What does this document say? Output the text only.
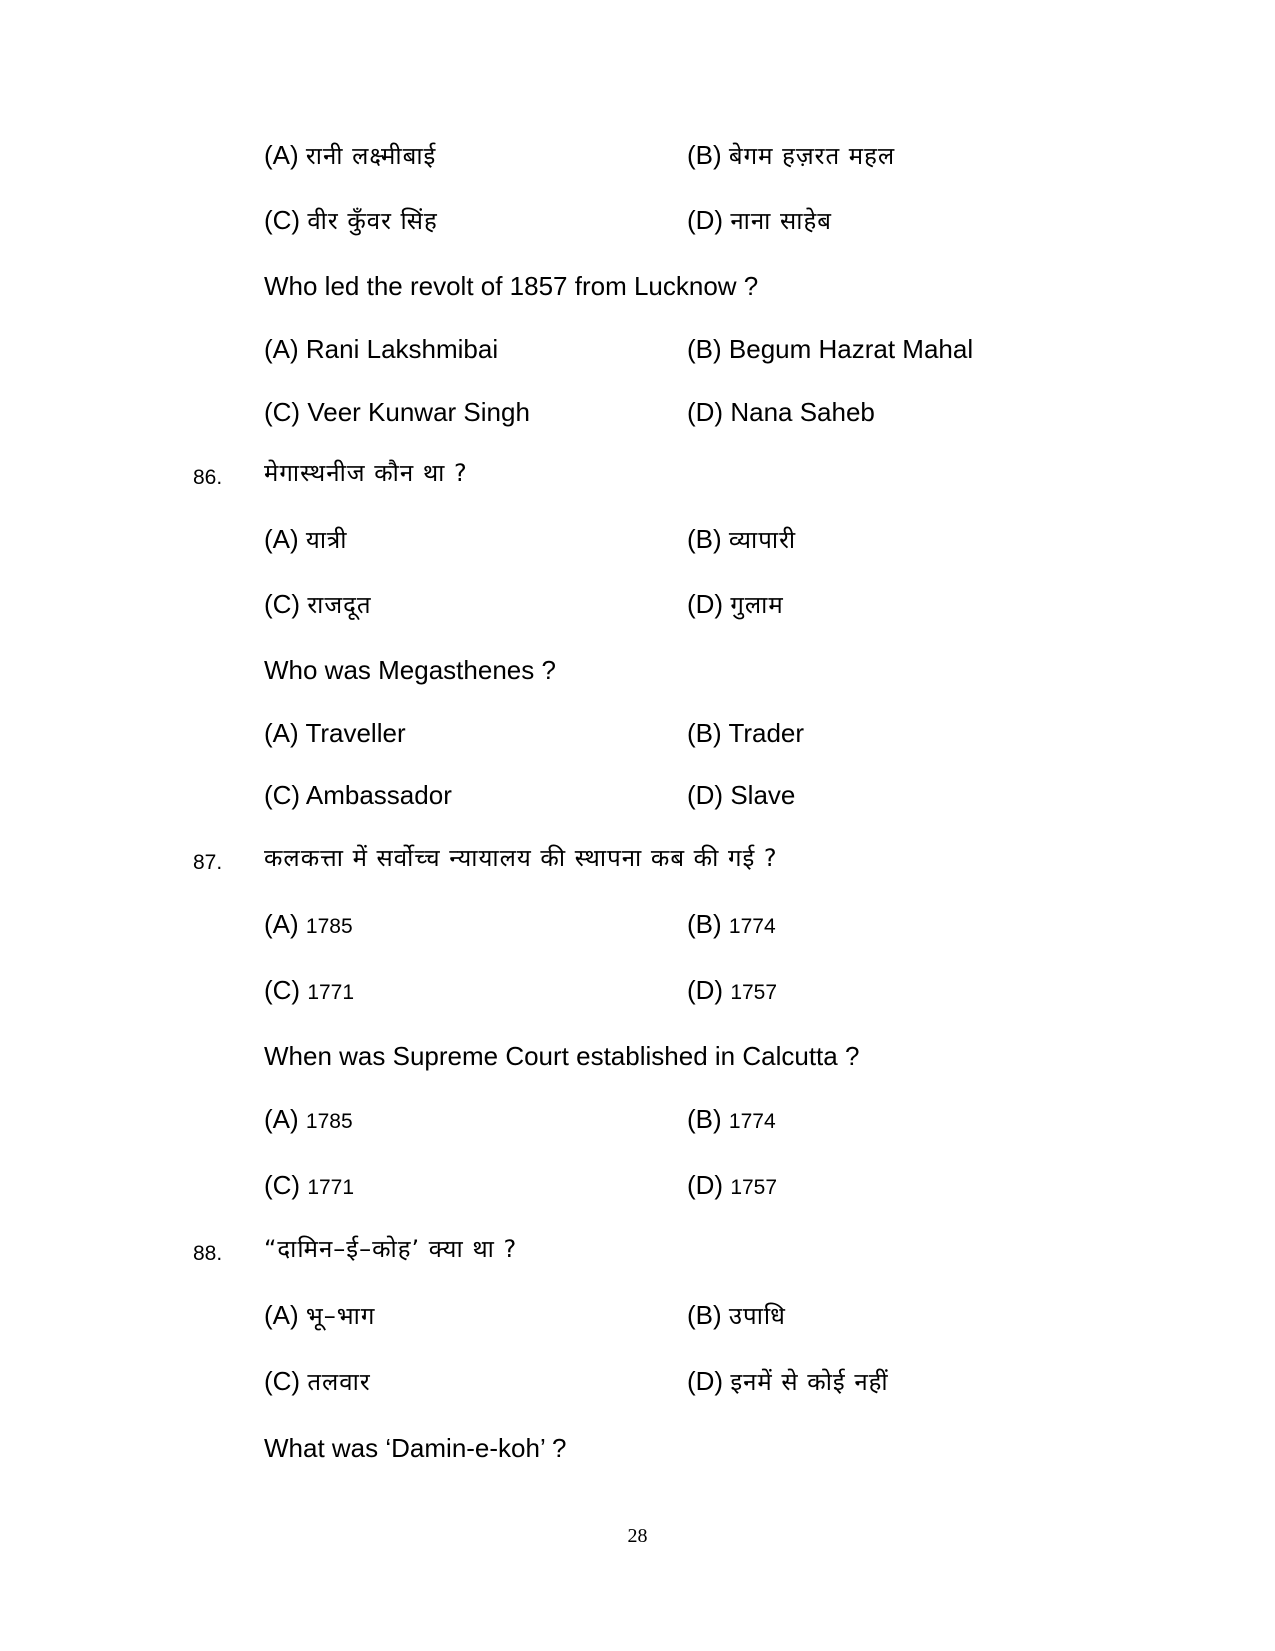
(A) रानी लक्ष्मीबाई	(B) बेगम हज़रत महल
(C) वीर कुँवर सिंह	(D) नाना साहेब
Who led the revolt of 1857 from Lucknow ?
(A) Rani Lakshmibai	(B) Begum Hazrat Mahal
(C) Veer Kunwar Singh	(D) Nana Saheb
86. मेगास्थनीज कौन था ?
(A) यात्री	(B) व्यापारी
(C) राजदूत	(D) गुलाम
Who was Megasthenes ?
(A) Traveller	(B) Trader
(C) Ambassador	(D) Slave
87. कलकत्ता में सर्वोच्च न्यायालय की स्थापना कब की गई ?
(A) 1785	(B) 1774
(C) 1771	(D) 1757
When was Supreme Court established in Calcutta ?
(A) 1785	(B) 1774
(C) 1771	(D) 1757
88. “दामिन–ई–कोह’ क्या था ?
(A) भू–भाग	(B) उपाधि
(C) तलवार	(D) इनमें से कोई नहीं
What was ‘Damin-e-koh’ ?
28
